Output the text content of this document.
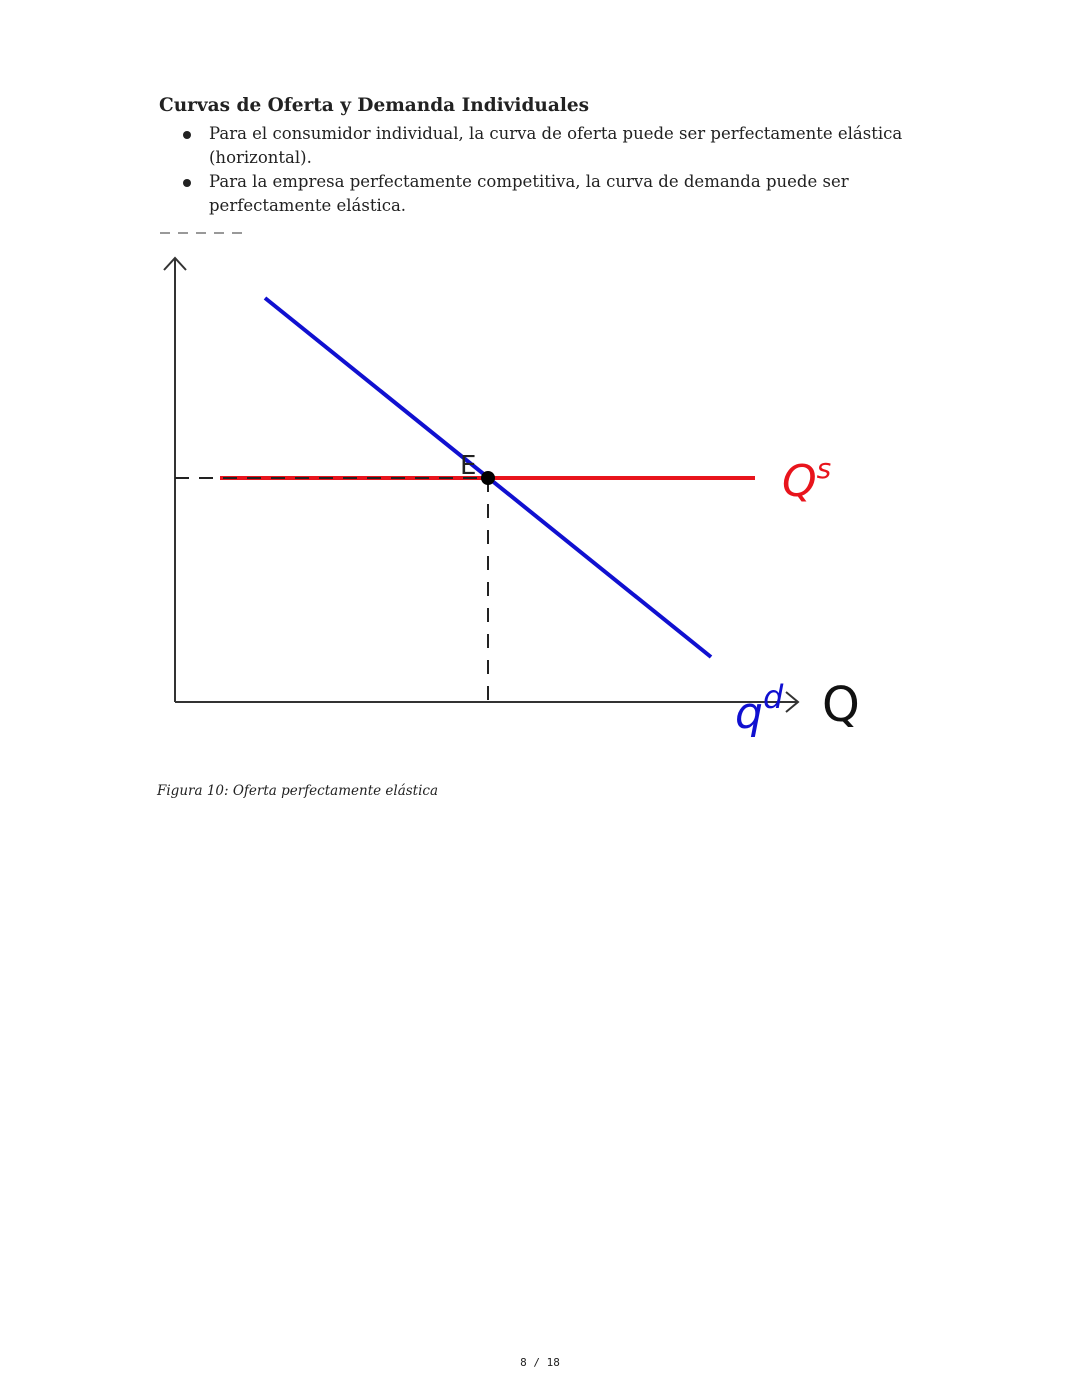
Curvas de Oferta y Demanda Individuales
Para el consumidor individual, la curva de oferta puede ser perfectamente elástica (horizontal).
Para la empresa perfectamente competitiva, la curva de demanda puede ser perfectamente elástica.
E	$Q^s$
$q^d$ Q
Figura 10: Oferta perfectamente elástica
8 / 18
